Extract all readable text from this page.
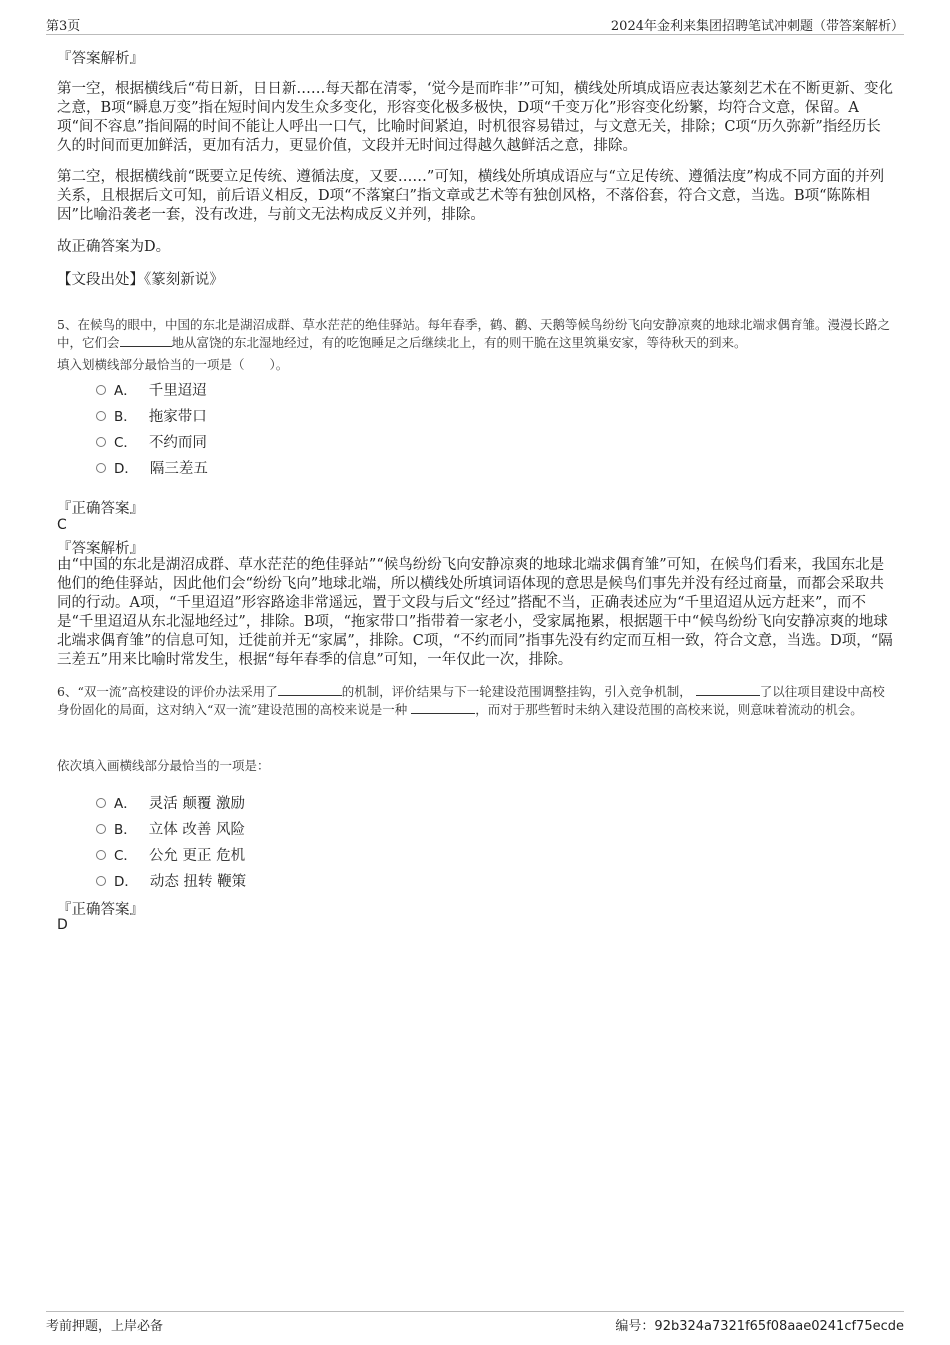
第3页	2024年金利来集团招聘笔试冲刺题（带答案解析）
『答案解析』
第一空，根据横线后“苟日新，日日新……每天都在清零，‘觉今是而昨非’”可知，横线处所填成语应表达篆刻艺术在不断更新、变化之意，B项“瞬息万变”指在短时间内发生众多变化，形容变化极多极快，D项“千变万化”形容变化纷繁，均符合文意，保留。A项“间不容息”指间隔的时间不能让人呼出一口气，比喻时间紧迫，时机很容易错过，与文意无关，排除；C项“历久弥新”指经历长久的时间而更加鲜活，更加有活力，更显价值，文段并无时间过得越久越鲜活之意，排除。
第二空，根据横线前“既要立足传统、遵循法度，又要……”可知，横线处所填成语应与“立足传统、遵循法度”构成不同方面的并列关系，且根据后文可知，前后语义相反，D项“不落窠臼”指文章或艺术等有独创风格，不落俗套，符合文意，当选。B项“陈陈相因”比喻沿袭老一套，没有改进，与前文无法构成反义并列，排除。
故正确答案为D。
【文段出处】《篆刻新说》
5、在候鸟的眼中，中国的东北是湖沼成群、草水茫茫的绝佳驿站。每年春季，鹤、鹳、天鹅等候鸟纷纷飞向安静凉爽的地球北端求偶育雏。漫漫长路之中，它们会	地从富饶的东北湿地经过，有的吃饱睡足之后继续北上，有的则干脆在这里筑巢安家，等待秋天的到来。
填入划横线部分最恰当的一项是（　　）。
A． 千里迢迢
B． 拖家带口
C． 不约而同
D． 隔三差五
『正确答案』
C
『答案解析』
由“中国的东北是湖沼成群、草水茫茫的绝佳驿站”“候鸟纷纷飞向安静凉爽的地球北端求偶育雏”可知，在候鸟们看来，我国东北是他们的绝佳驿站，因此他们会“纷纷飞向”地球北端，所以横线处所填词语体现的意思是候鸟们事先并没有经过商量，而都会采取共同的行动。A项，“千里迢迢”形容路途非常遥远，置于文段与后文“经过”搭配不当，正确表述应为“千里迢迢从远方赶来”，而不是“千里迢迢从东北湿地经过”，排除。B项，“拖家带口”指带着一家老小，受家属拖累，根据题干中“候鸟纷纷飞向安静凉爽的地球北端求偶育雏”的信息可知，迁徙前并无“家属”，排除。C项，“不约而同”指事先没有约定而互相一致，符合文意，当选。D项，“隔三差五”用来比喻时常发生，根据“每年春季的信息”可知，一年仅此一次，排除。
6、“双一流”高校建设的评价办法采用了	的机制，评价结果与下一轮建设范围调整挂钩，引入竞争机制，	了以往项目建设中高校身份固化的局面，这对纳入“双一流”建设范围的高校来说是一种	，而对于那些暂时未纳入建设范围的高校来说，则意味着流动的机会。
依次填入画横线部分最恰当的一项是：
A． 灵活 颠覆 激励
B． 立体 改善 风险
C． 公允 更正 危机
D． 动态 扭转 鞭策
『正确答案』
D
考前押题，上岸必备	编号：92b324a7321f65f08aae0241cf75ecde
